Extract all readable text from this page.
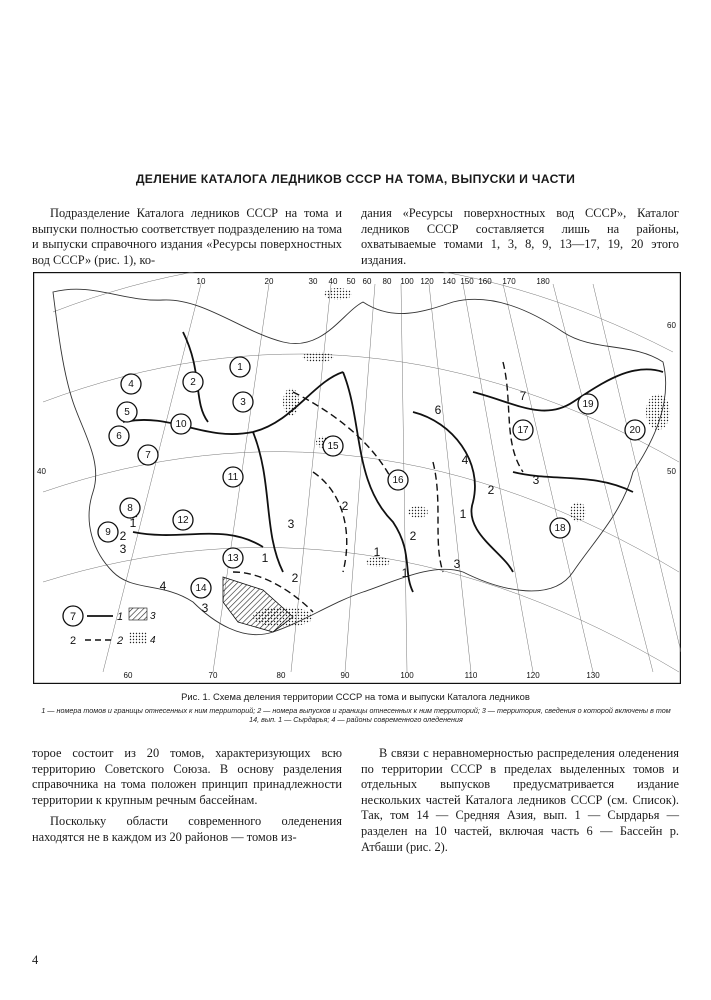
ДЕЛЕНИЕ КАТАЛОГА ЛЕДНИКОВ СССР НА ТОМА, ВЫПУСКИ И ЧАСТИ

Подразделение Каталога ледников СССР на тома и выпуски полностью соответствует подразделению на тома и выпуски справочного издания «Ресурсы поверхностных вод СССР» (рис. 1), ко-

дания «Ресурсы поверхностных вод СССР», Каталог ледников СССР составляется лишь на районы, охватываемые томами 1, 3, 8, 9, 13—17, 19, 20 этого издания.

10	20	30 40 50 60 80 100 120 140 150 160 170	180
60	70	80	90	100	110	120	130
40
60
50
1
2
3
4
5
6
7
8
9
10
11
12
13
14
15
16
17
18
19
20
3
2
2
4
3
1
6
4
7
2
1
3
2
1
1
3
2
3
1
7	1
2	2
3
4
Рис. 1. Схема деления территории СССР на тома и выпуски Каталога ледников
1 — номера томов и границы отнесенных к ним территорий; 2 — номера выпусков и границы отнесенных к ним территорий; 3 — территория, сведения о которой включены в том 14, вып. 1 — Сырдарья; 4 — районы современного оледенения

торое состоит из 20 томов, характеризующих всю территорию Советского Союза. В основу разделения справочника на тома положен принцип принадлежности территории к крупным речным бассейнам.

Поскольку области современного оледенения находятся не в каждом из 20 районов — томов из-

В связи с неравномерностью распределения оледенения по территории СССР в пределах выделенных томов и отдельных выпусков предусматривается издание нескольких частей Каталога ледников СССР (см. Список). Так, том 14 — Средняя Азия, вып. 1 — Сырдарья — разделен на 10 частей, включая часть 6 — Бассейн р. Атбаши (рис. 2).

4
